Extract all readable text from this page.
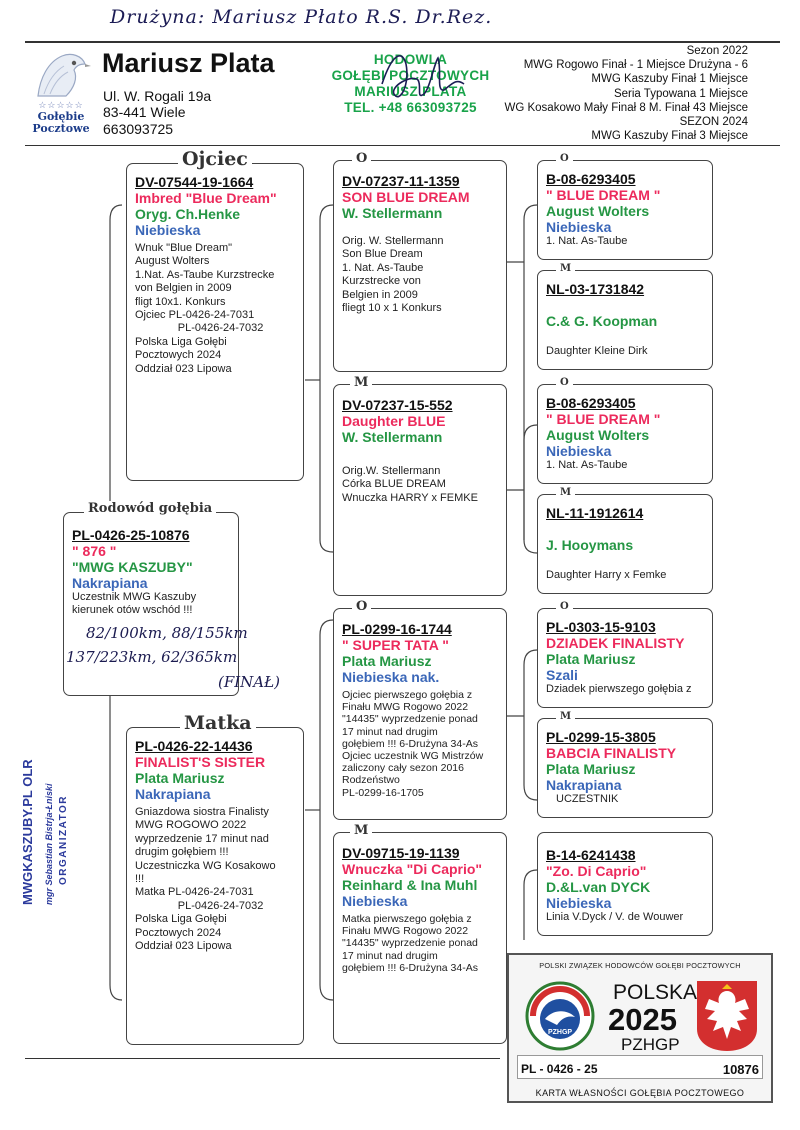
Drużyna: Mariusz Płato R.S. Dr.Rez.
☆☆☆☆☆
Gołębie
Pocztowe
Mariusz Plata
Ul. W. Rogali 19a
83-441 Wiele
663093725
HODOWLA
GOŁĘBI POCZTOWYCH
MARIUSZ PLATA
TEL. +48 663093725
Sezon 2022
MWG Rogowo Finał - 1 Miejsce Drużyna - 6
MWG Kaszuby Finał 1 Miejsce
Seria Typowana 1 Miejsce
WG Kosakowo Mały Finał 8 M. Finał 43 Miejsce
SEZON 2024
MWG Kaszuby Finał 3 Miejsce
DV-07544-19-1664
Imbred "Blue Dream"
Oryg. Ch.Henke
Niebieska
Wnuk "Blue Dream"
August Wolters
1.Nat. As-Taube Kurzstrecke
von Belgien in 2009
fligt 10x1. Konkurs
Ojciec PL-0426-24-7031
PL-0426-24-7032
Polska Liga Gołębi
Pocztowych 2024
Oddział 023 Lipowa
Ojciec
PL-0426-25-10876
" 876 "
"MWG KASZUBY"
Nakrapiana
Uczestnik MWG Kaszuby
kierunek otów wschód !!!
Rodowód gołębia
82/100km, 88/155km
137/223km, 62/365km
(FINAŁ)
PL-0426-22-14436
FINALIST'S SISTER
Plata Mariusz
Nakrapiana
Gniazdowa siostra Finalisty
MWG ROGOWO 2022
wyprzedzenie 17 minut nad
drugim gołębiem !!!
Uczestniczka WG Kosakowo
!!!
Matka PL-0426-24-7031
PL-0426-24-7032
Polska Liga Gołębi
Pocztowych 2024
Oddział 023 Lipowa
Matka
DV-07237-11-1359
SON BLUE DREAM
W. Stellermann
Orig. W. Stellermann
Son Blue Dream
1. Nat. As-Taube
Kurzstrecke von
Belgien in 2009
fliegt 10 x 1 Konkurs
O
DV-07237-15-552
Daughter BLUE
W. Stellermann
Orig.W. Stellermann
Córka BLUE DREAM
Wnuczka HARRY x FEMKE
M
PL-0299-16-1744
" SUPER TATA "
Plata Mariusz
Niebieska nak.
Ojciec pierwszego gołębia z
Finału MWG Rogowo 2022
"14435" wyprzedzenie ponad
17 minut nad drugim
gołębiem !!! 6-Drużyna 34-As
Ojciec uczestnik WG Mistrzów
zaliczony cały sezon 2016
Rodzeństwo
PL-0299-16-1705
O
DV-09715-19-1139
Wnuczka "Di Caprio"
Reinhard & Ina Muhl
Niebieska
Matka pierwszego gołębia z
Finału MWG Rogowo 2022
"14435" wyprzedzenie ponad
17 minut nad drugim
gołębiem !!! 6-Drużyna 34-As
M
B-08-6293405
" BLUE DREAM "
August Wolters
Niebieska
1. Nat. As-Taube
O
NL-03-1731842
C.& G. Koopman
Daughter Kleine Dirk
M
B-08-6293405
" BLUE DREAM "
August Wolters
Niebieska
1. Nat. As-Taube
O
NL-11-1912614
J. Hooymans
Daughter Harry x Femke
M
PL-0303-15-9103
DZIADEK FINALISTY
Plata Mariusz
Szali
Dziadek pierwszego gołębia z
O
PL-0299-15-3805
BABCIA FINALISTY
Plata Mariusz
Nakrapiana
UCZESTNIK
M
B-14-6241438
"Zo. Di Caprio"
D.&L.van DYCK
Niebieska
Linia V.Dyck / V. de Wouwer
MWGKASZUBY.PL OLR mgr Sebastian Bistrja-Łniski ORGANIZATOR
POLSKI ZWIĄZEK HODOWCÓW GOŁĘBI POCZTOWYCH
PZHGP
POLSKA
2025
PZHGP
PL - 0426 - 25	10876
KARTA WŁASNOŚCI GOŁĘBIA POCZTOWEGO
